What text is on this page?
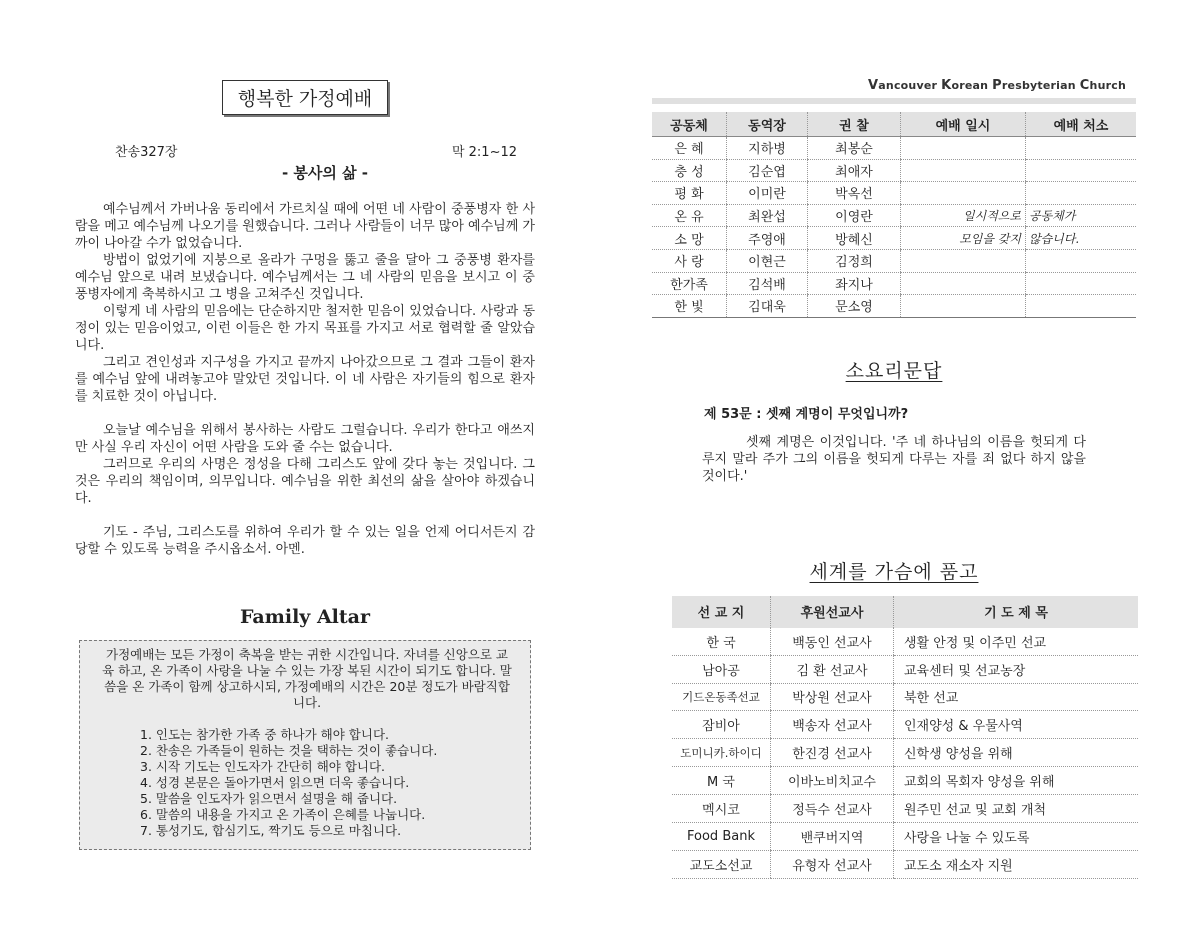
행복한 가정예배
찬송327장	막 2:1~12
- 봉사의 삶 -

예수님께서 가버나움 동리에서 가르치실 때에 어떤 네 사람이 중풍병자 한 사람을 메고 예수님께 나오기를 원했습니다. 그러나 사람들이 너무 많아 예수님께 가까이 나아갈 수가 없었습니다.

방법이 없었기에 지붕으로 올라가 구멍을 뚫고 줄을 달아 그 중풍병 환자를 예수님 앞으로 내려 보냈습니다. 예수님께서는 그 네 사람의 믿음을 보시고 이 중풍병자에게 축복하시고 그 병을 고쳐주신 것입니다.

이렇게 네 사람의 믿음에는 단순하지만 철저한 믿음이 있었습니다. 사랑과 동정이 있는 믿음이었고, 이런 이들은 한 가지 목표를 가지고 서로 협력할 줄 알았습니다.

그리고 견인성과 지구성을 가지고 끝까지 나아갔으므로 그 결과 그들이 환자를 예수님 앞에 내려놓고야 말았던 것입니다. 이 네 사람은 자기들의 힘으로 환자를 치료한 것이 아닙니다.

오늘날 예수님을 위해서 봉사하는 사람도 그럴습니다. 우리가 한다고 애쓰지만 사실 우리 자신이 어떤 사람을 도와 줄 수는 없습니다.

그러므로 우리의 사명은 정성을 다해 그리스도 앞에 갖다 놓는 것입니다. 그것은 우리의 책임이며, 의무입니다. 예수님을 위한 최선의 삶을 살아야 하겠습니다.

기도 - 주님, 그리스도를 위하여 우리가 할 수 있는 일을 언제 어디서든지 감당할 수 있도록 능력을 주시옵소서. 아멘.

Family Altar
가정예배는 모든 가정이 축복을 받는 귀한 시간입니다. 자녀를 신앙으로 교육 하고, 온 가족이 사랑을 나눌 수 있는 가장 복된 시간이 되기도 합니다. 말씀을 온 가족이 함께 상고하시되, 가정예배의 시간은 20분 정도가 바람직합니다.
1. 인도는 참가한 가족 중 하나가 해야 합니다.
2. 찬송은 가족들이 원하는 것을 택하는 것이 좋습니다.
3. 시작 기도는 인도자가 간단히 해야 합니다.
4. 성경 본문은 돌아가면서 읽으면 더욱 좋습니다.
5. 말씀을 인도자가 읽으면서 설명을 해 줍니다.
6. 말씀의 내용을 가지고 온 가족이 은혜를 나눕니다.
7. 통성기도, 합심기도, 짝기도 등으로 마칩니다.
Vancouver Korean Presbyterian Church
공동체	동역장	권 찰	예배 일시	예배 처소
은 혜	지하병	최봉순		
충 성	김순엽	최애자		
평 화	이미란	박옥선		
온 유	최완섭	이영란	일시적으로	공동체가
소 망	주영애	방혜신	모임을 갖지	않습니다.
사 랑	이현근	김정희		
한가족	김석배	좌지나		
한 빛	김대욱	문소영		
소요리문답
제 53문 : 셋째 계명이 무엇입니까?
셋째 계명은 이것입니다. '주 네 하나님의 이름을 헛되게 다루지 말라 주가 그의 이름을 헛되게 다루는 자를 죄 없다 하지 않을 것이다.'
세계를 가슴에 품고
선 교 지	후원선교사	기 도 제 목
한 국	백동인 선교사	생활 안정 및 이주민 선교
남아공	김 환 선교사	교육센터 및 선교농장
기드온동족선교	박상원 선교사	북한 선교
잠비아	백송자 선교사	인재양성 & 우물사역
도미니카.하이디	한진경 선교사	신학생 양성을 위해
M 국	이바노비치교수	교회의 목회자 양성을 위해
멕시코	정득수 선교사	원주민 선교 및 교회 개척
Food Bank	밴쿠버지역	사랑을 나눌 수 있도록
교도소선교	유형자 선교사	교도소 재소자 지원
